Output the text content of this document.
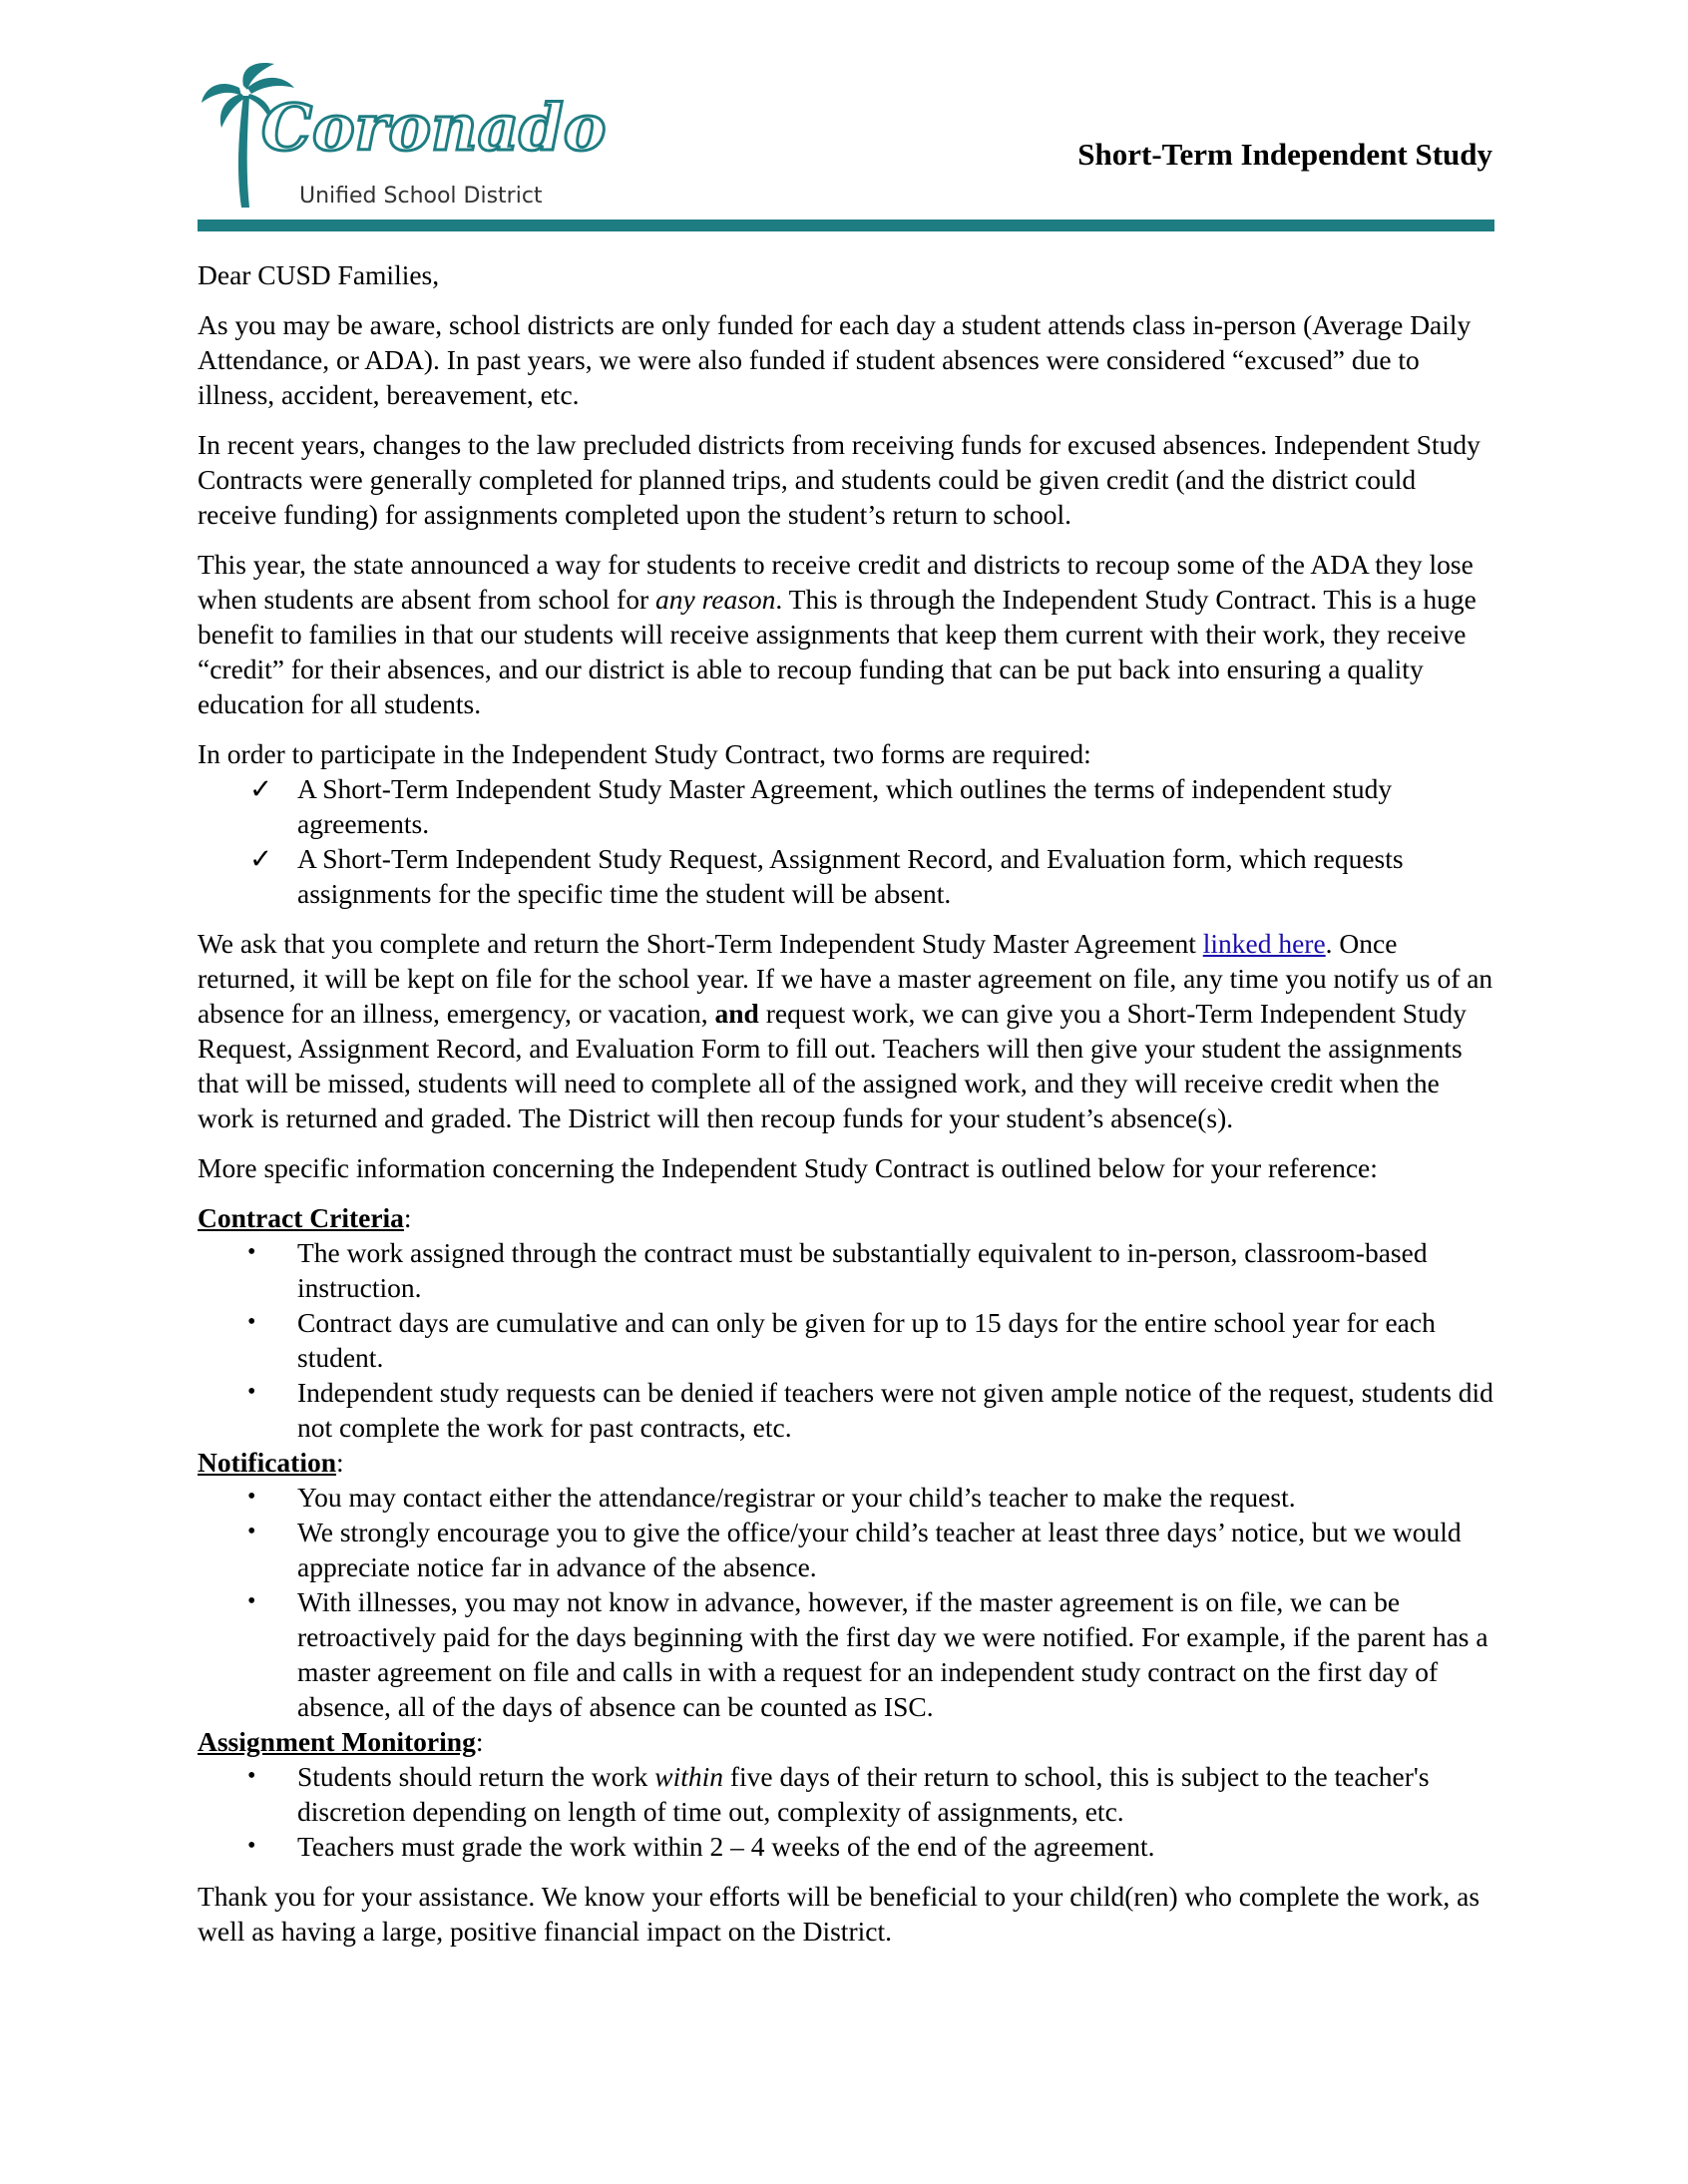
Coronado
Unified School District
Short-Term Independent Study

Dear CUSD Families,

As you may be aware, school districts are only funded for each day a student attends class in-person (Average Daily Attendance, or ADA). In past years, we were also funded if student absences were considered “excused” due to illness, accident, bereavement, etc.

In recent years, changes to the law precluded districts from receiving funds for excused absences. Independent Study Contracts were generally completed for planned trips, and students could be given credit (and the district could receive funding) for assignments completed upon the student’s return to school.

This year, the state announced a way for students to receive credit and districts to recoup some of the ADA they lose when students are absent from school for any reason. This is through the Independent Study Contract. This is a huge benefit to families in that our students will receive assignments that keep them current with their work, they receive “credit” for their absences, and our district is able to recoup funding that can be put back into ensuring a quality education for all students.

In order to participate in the Independent Study Contract, two forms are required:
✓ A Short-Term Independent Study Master Agreement, which outlines the terms of independent study agreements.
✓ A Short-Term Independent Study Request, Assignment Record, and Evaluation form, which requests assignments for the specific time the student will be absent.

We ask that you complete and return the Short-Term Independent Study Master Agreement linked here. Once returned, it will be kept on file for the school year. If we have a master agreement on file, any time you notify us of an absence for an illness, emergency, or vacation, and request work, we can give you a Short-Term Independent Study Request, Assignment Record, and Evaluation Form to fill out. Teachers will then give your student the assignments that will be missed, students will need to complete all of the assigned work, and they will receive credit when the work is returned and graded. The District will then recoup funds for your student’s absence(s).

More specific information concerning the Independent Study Contract is outlined below for your reference:

Contract Criteria:
• The work assigned through the contract must be substantially equivalent to in-person, classroom-based instruction.
• Contract days are cumulative and can only be given for up to 15 days for the entire school year for each student.
• Independent study requests can be denied if teachers were not given ample notice of the request, students did not complete the work for past contracts, etc.
Notification:
• You may contact either the attendance/registrar or your child’s teacher to make the request.
• We strongly encourage you to give the office/your child’s teacher at least three days’ notice, but we would appreciate notice far in advance of the absence.
• With illnesses, you may not know in advance, however, if the master agreement is on file, we can be retroactively paid for the days beginning with the first day we were notified. For example, if the parent has a master agreement on file and calls in with a request for an independent study contract on the first day of absence, all of the days of absence can be counted as ISC.
Assignment Monitoring:
• Students should return the work within five days of their return to school, this is subject to the teacher's discretion depending on length of time out, complexity of assignments, etc.
• Teachers must grade the work within 2 – 4 weeks of the end of the agreement.

Thank you for your assistance. We know your efforts will be beneficial to your child(ren) who complete the work, as well as having a large, positive financial impact on the District.
